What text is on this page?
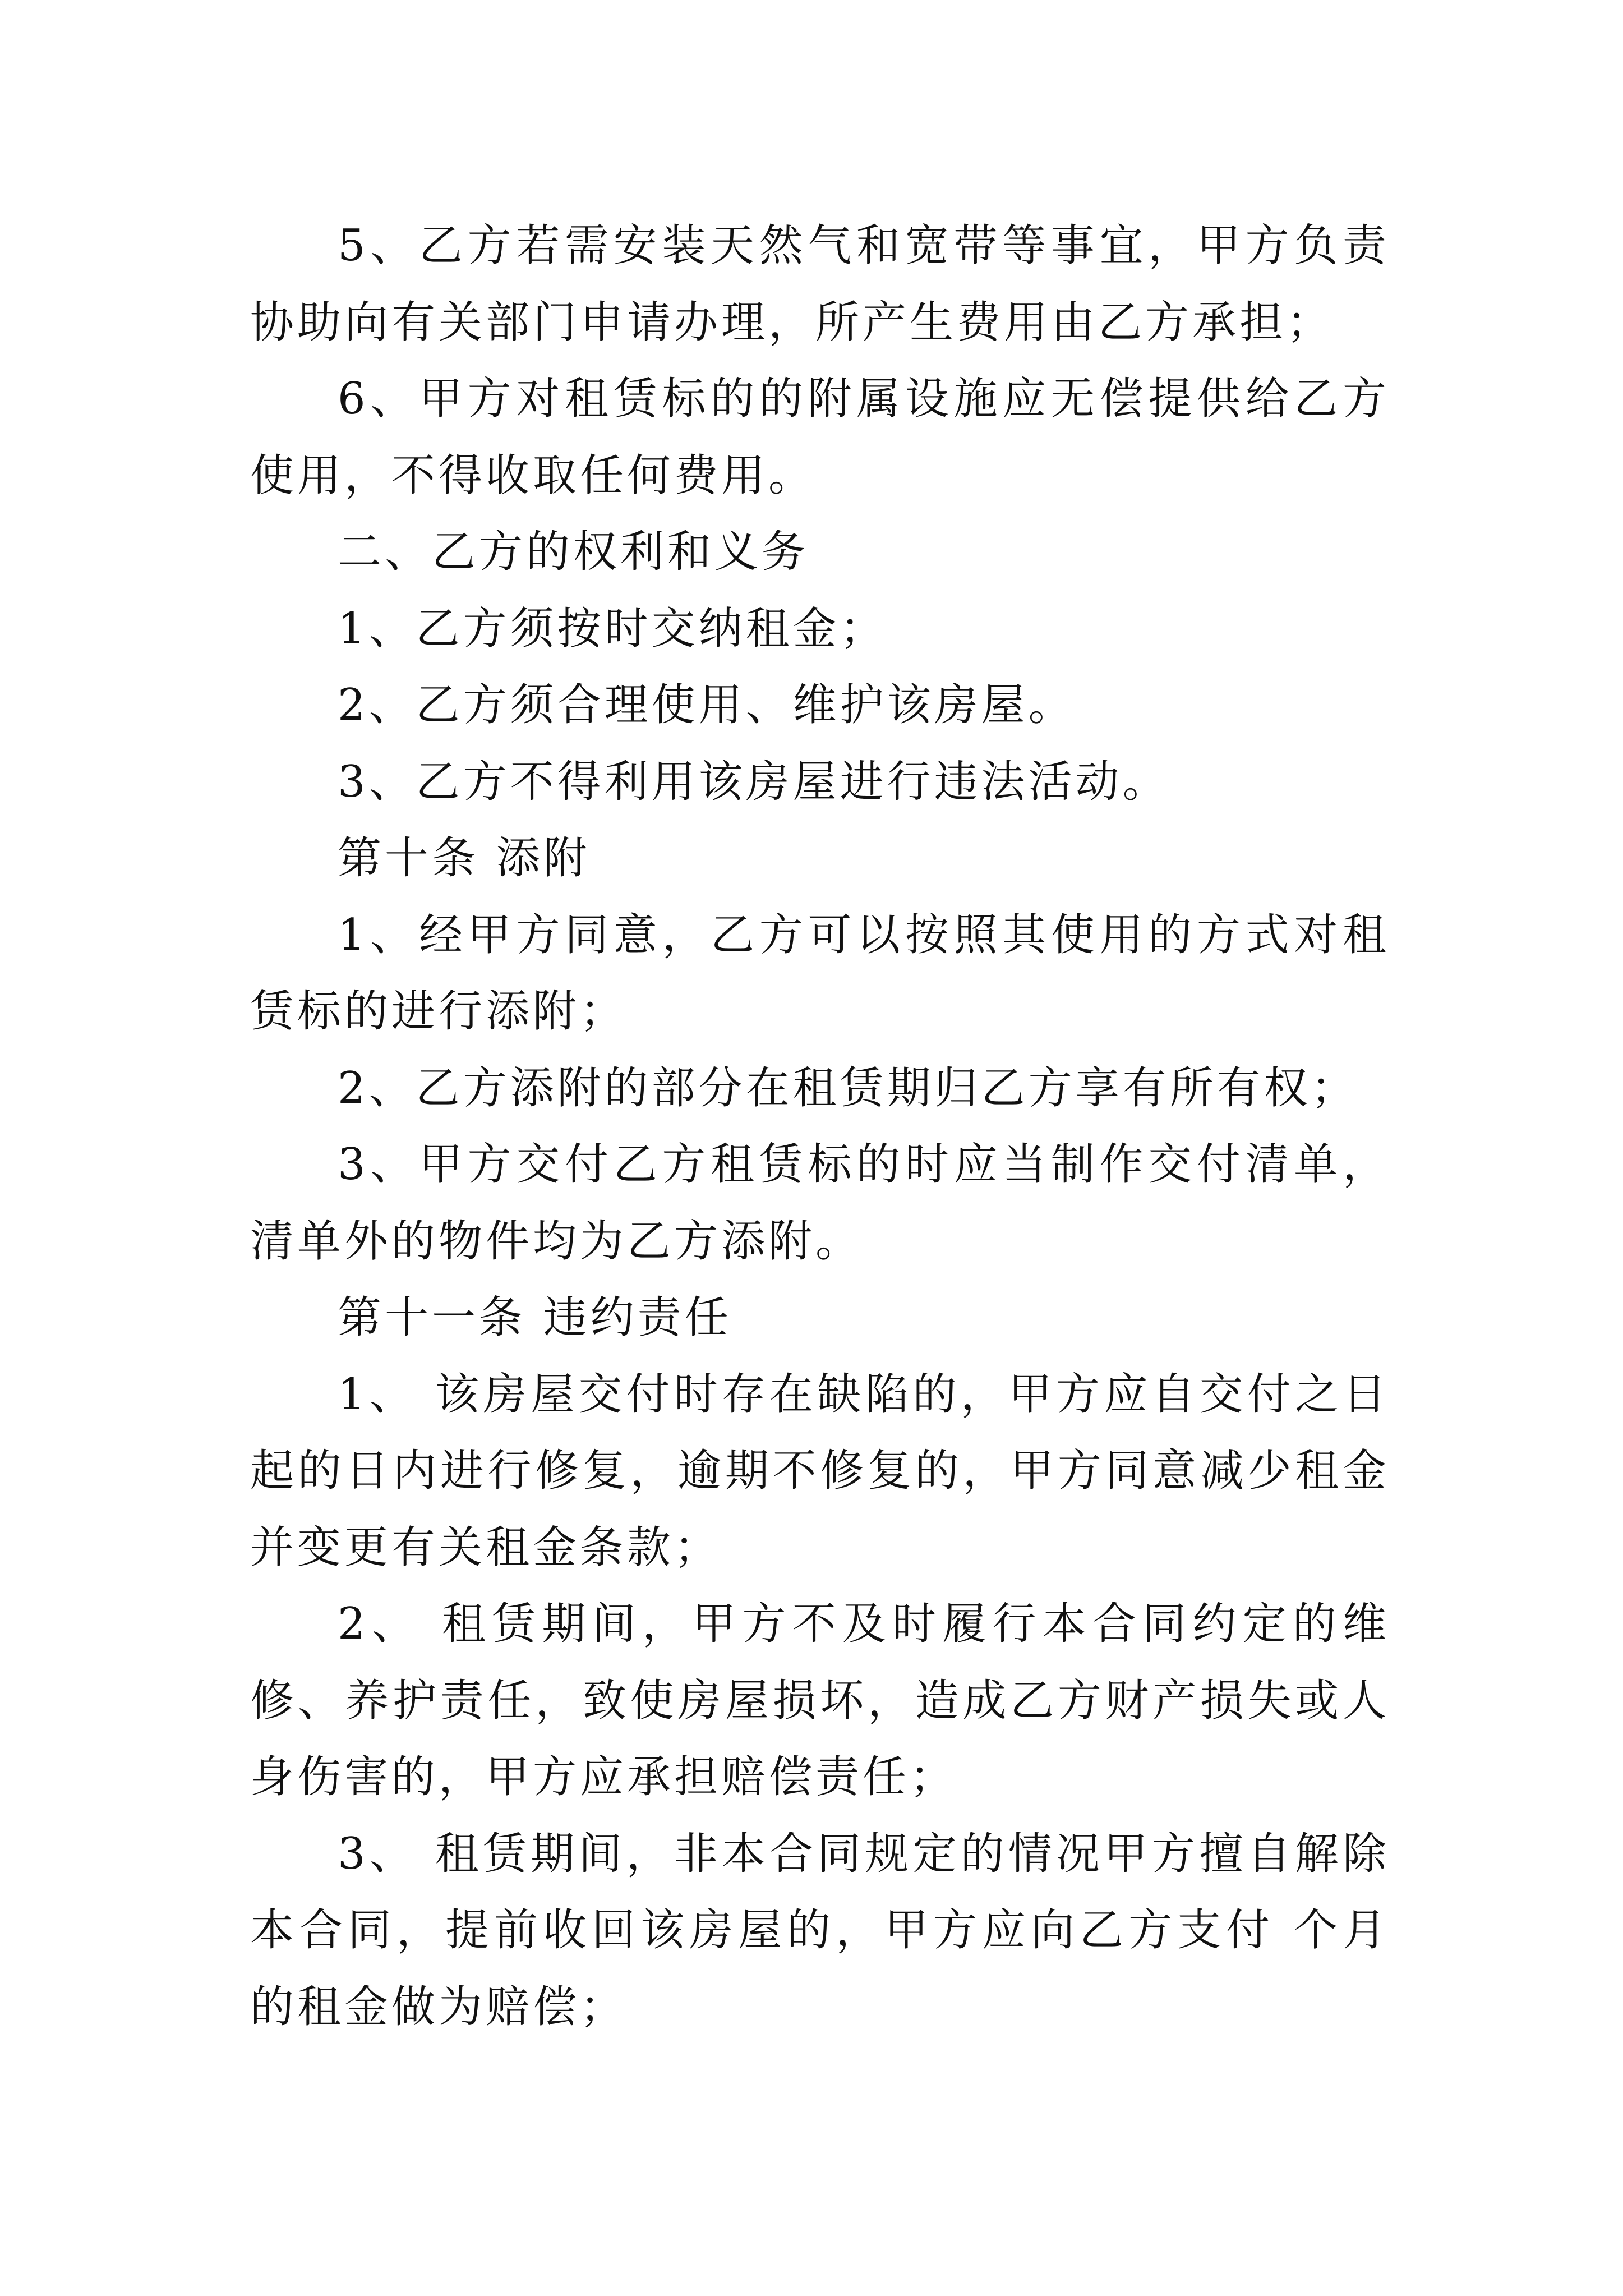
5、乙方若需安装天然气和宽带等事宜，甲方负责协助向有关部门申请办理，所产生费用由乙方承担；

6、甲方对租赁标的的附属设施应无偿提供给乙方使用，不得收取任何费用。

二、乙方的权利和义务

1、乙方须按时交纳租金；

2、乙方须合理使用、维护该房屋。

3、乙方不得利用该房屋进行违法活动。

第十条 添附

1、经甲方同意，乙方可以按照其使用的方式对租赁标的进行添附；

2、乙方添附的部分在租赁期归乙方享有所有权；

3、甲方交付乙方租赁标的时应当制作交付清单，清单外的物件均为乙方添附。

第十一条 违约责任

1、 该房屋交付时存在缺陷的，甲方应自交付之日起的日内进行修复，逾期不修复的，甲方同意减少租金并变更有关租金条款；

2、 租赁期间，甲方不及时履行本合同约定的维修、养护责任，致使房屋损坏，造成乙方财产损失或人身伤害的，甲方应承担赔偿责任；

3、 租赁期间，非本合同规定的情况甲方擅自解除本合同，提前收回该房屋的，甲方应向乙方支付 个月的租金做为赔偿；
